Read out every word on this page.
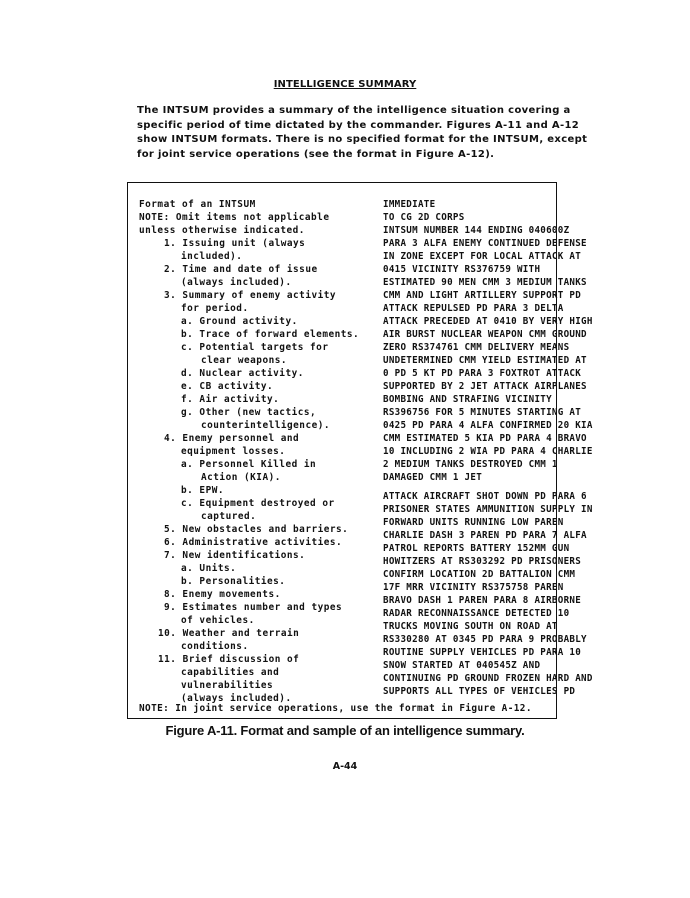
INTELLIGENCE SUMMARY
The INTSUM provides a summary of the intelligence situation covering a
specific period of time dictated by the commander. Figures A-11 and A-12
show INTSUM formats. There is no specified format for the INTSUM, except
for joint service operations (see the format in Figure A-12).
Format of an INTSUM
NOTE: Omit items not applicable
unless otherwise indicated.
1. Issuing unit (always
included).
2. Time and date of issue
(always included).
3. Summary of enemy activity
for period.
a. Ground activity.
b. Trace of forward elements.
c. Potential targets for
clear weapons.
d. Nuclear activity.
e. CB activity.
f. Air activity.
g. Other (new tactics,
counterintelligence).
4. Enemy personnel and
equipment losses.
a. Personnel Killed in
Action (KIA).
b. EPW.
c. Equipment destroyed or
captured.
5. New obstacles and barriers.
6. Administrative activities.
7. New identifications.
a. Units.
b. Personalities.
8. Enemy movements.
9. Estimates number and types
of vehicles.
10. Weather and terrain
conditions.
11. Brief discussion of
capabilities and
vulnerabilities
(always included).
IMMEDIATE
TO CG 2D CORPS
INTSUM NUMBER 144 ENDING 040600Z
PARA 3 ALFA ENEMY CONTINUED DEFENSE
IN ZONE EXCEPT FOR LOCAL ATTACK AT
0415 VICINITY RS376759 WITH
ESTIMATED 90 MEN CMM 3 MEDIUM TANKS
CMM AND LIGHT ARTILLERY SUPPORT PD
ATTACK REPULSED PD PARA 3 DELTA
ATTACK PRECEDED AT 0410 BY VERY HIGH
AIR BURST NUCLEAR WEAPON CMM GROUND
ZERO RS374761 CMM DELIVERY MEANS
UNDETERMINED CMM YIELD ESTIMATED AT
0 PD 5 KT PD PARA 3 FOXTROT ATTACK
SUPPORTED BY 2 JET ATTACK AIRPLANES
BOMBING AND STRAFING VICINITY
RS396756 FOR 5 MINUTES STARTING AT
0425 PD PARA 4 ALFA CONFIRMED 20 KIA
CMM ESTIMATED 5 KIA PD PARA 4 BRAVO
10 INCLUDING 2 WIA PD PARA 4 CHARLIE
2 MEDIUM TANKS DESTROYED CMM 1
DAMAGED CMM 1 JET
ATTACK AIRCRAFT SHOT DOWN PD PARA 6
PRISONER STATES AMMUNITION SUPPLY IN
FORWARD UNITS RUNNING LOW PAREN
CHARLIE DASH 3 PAREN PD PARA 7 ALFA
PATROL REPORTS BATTERY 152MM GUN
HOWITZERS AT RS303292 PD PRISONERS
CONFIRM LOCATION 2D BATTALION CMM
17F MRR VICINITY RS375758 PAREN
BRAVO DASH 1 PAREN PARA 8 AIRBORNE
RADAR RECONNAISSANCE DETECTED 10
TRUCKS MOVING SOUTH ON ROAD AT
RS330280 AT 0345 PD PARA 9 PROBABLY
ROUTINE SUPPLY VEHICLES PD PARA 10
SNOW STARTED AT 040545Z AND
CONTINUING PD GROUND FROZEN HARD AND
SUPPORTS ALL TYPES OF VEHICLES PD
NOTE: In joint service operations, use the format in Figure A-12.
Figure A-11. Format and sample of an intelligence summary.
A-44
